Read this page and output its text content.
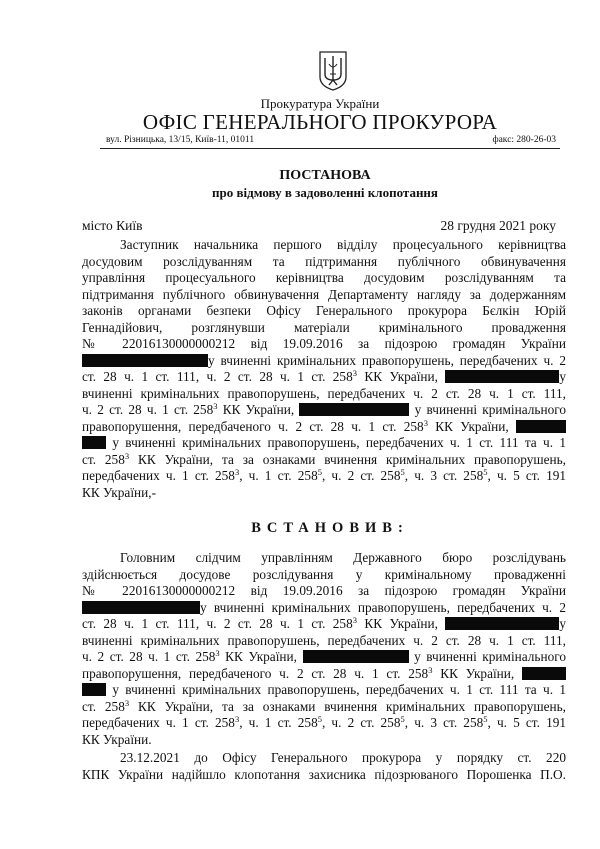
Прокуратура України
ОФІС ГЕНЕРАЛЬНОГО ПРОКУРОРА
вул. Різницька, 13/15, Київ-11, 01011	факс: 280-26-03
ПОСТАНОВА
про відмову в задоволенні клопотання
місто Київ	28 грудня 2021 року
Заступник начальника першого відділу процесуального керівництва
досудовим розслідуванням та підтримання публічного обвинувачення
управління процесуального керівництва досудовим розслідуванням та
підтримання публічного обвинувачення Департаменту нагляду за додержанням
законів органами безпеки Офісу Генерального прокурора Бєлкін Юрій
Геннадійович, розглянувши матеріали кримінального провадження
№ 22016130000000212 від 19.09.2016 за підозрою громадян України
у вчиненні кримінальних правопорушень, передбачених ч. 2
ст. 28 ч. 1 ст. 111, ч. 2 ст. 28 ч. 1 ст. $258^3$ КК України,	у
вчиненні кримінальних правопорушень, передбачених ч. 2 ст. 28 ч. 1 ст. 111,
ч. 2 ст. 28 ч. 1 ст. $258^3$ КК України,	у вчиненні кримінального
правопорушення, передбаченого ч. 2 ст. 28 ч. 1 ст. $258^3$ КК України,
у вчиненні кримінальних правопорушень, передбачених ч. 1 ст. 111 та ч. 1
ст. $258^3$ КК України, та за ознаками вчинення кримінальних правопорушень,
передбачених ч. 1 ст. $258^3$, ч. 1 ст. $258^5$, ч. 2 ст. $258^5$, ч. 3 ст. $258^5$, ч. 5 ст. 191
КК України,-
ВСТАНОВИВ:
Головним слідчим управлінням Державного бюро розслідувань
здійснюється досудове розслідування у кримінальному провадженні
№ 22016130000000212 від 19.09.2016 за підозрою громадян України
у вчиненні кримінальних правопорушень, передбачених ч. 2
ст. 28 ч. 1 ст. 111, ч. 2 ст. 28 ч. 1 ст. $258^3$ КК України,	у
вчиненні кримінальних правопорушень, передбачених ч. 2 ст. 28 ч. 1 ст. 111,
ч. 2 ст. 28 ч. 1 ст. $258^3$ КК України,	у вчиненні кримінального
правопорушення, передбаченого ч. 2 ст. 28 ч. 1 ст. $258^3$ КК України,
у вчиненні кримінальних правопорушень, передбачених ч. 1 ст. 111 та ч. 1
ст. $258^3$ КК України, та за ознаками вчинення кримінальних правопорушень,
передбачених ч. 1 ст. $258^3$, ч. 1 ст. $258^5$, ч. 2 ст. $258^5$, ч. 3 ст. $258^5$, ч. 5 ст. 191
КК України.
23.12.2021 до Офісу Генерального прокурора у порядку ст. 220
КПК України надійшло клопотання захисника підозрюваного Порошенка П.О.
